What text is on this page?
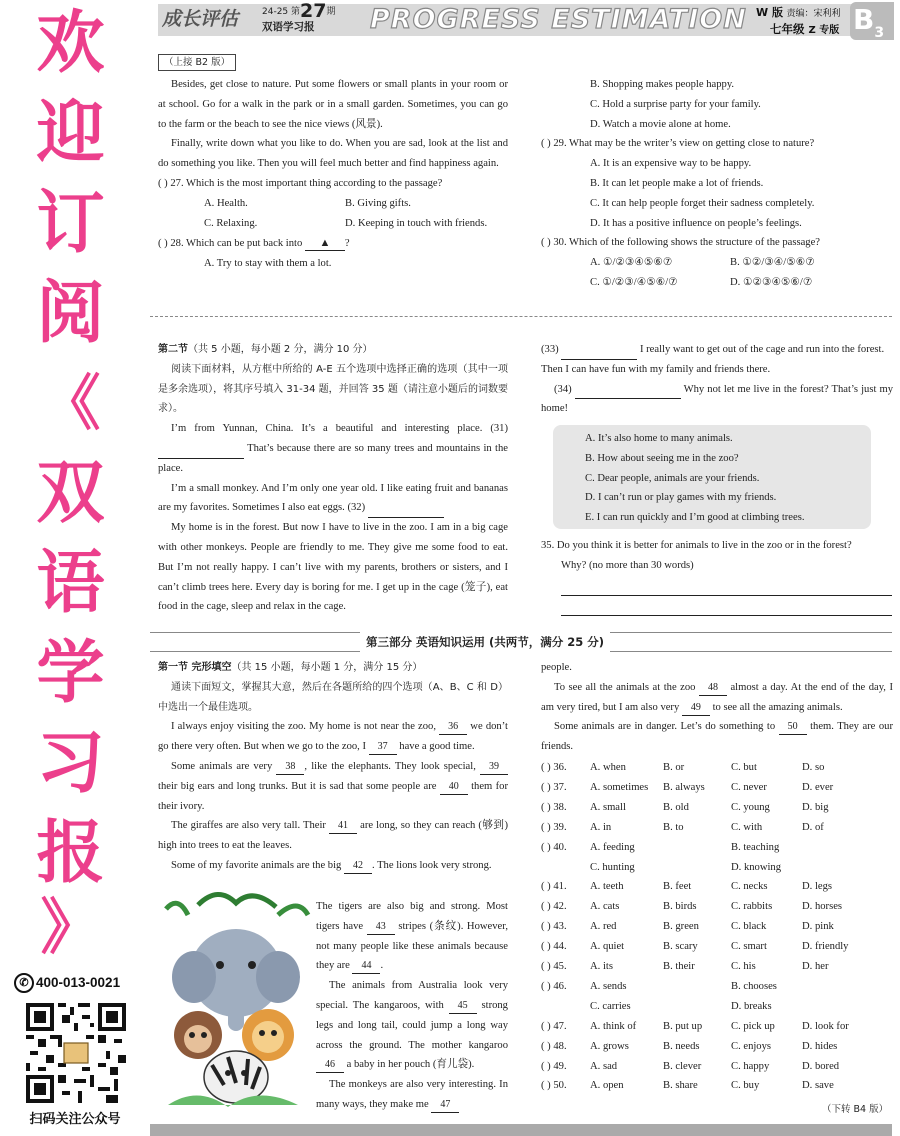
欢
迎
订
阅
《
双
语
学
习
报
》
✆ 400-013-0021
扫码关注公众号
成长评估	24-25 第27期
双语学习报 PROGRESS ESTIMATION W 版 责编：宋利利
七年级 Z 专版 $B_3$
（上接 B2 版）

Besides, get close to nature. Put some flowers or small plants in your room or at school. Go for a walk in the park or in a small garden. Sometimes, you can go to the farm or the beach to see the nice views (风景).

Finally, write down what you like to do. When you are sad, look at the list and do something you like. Then you will feel much better and find happiness again.

( ) 27. Which is the most important thing according to the passage?
A. Health.	B. Giving gifts.
C. Relaxing.	D. Keeping in touch with friends.
( ) 28. Which can be put back into ▲ ?
A. Try to stay with them a lot.
B. Shopping makes people happy.
C. Hold a surprise party for your family.
D. Watch a movie alone at home.
( ) 29. What may be the writer’s view on getting close to nature?
A. It is an expensive way to be happy.
B. It can let people make a lot of friends.
C. It can help people forget their sadness completely.
D. It has a positive influence on people’s feelings.
( ) 30. Which of the following shows the structure of the passage?
A. ①/②③④⑤⑥⑦	B. ①②/③④/⑤⑥⑦
C. ①/②③/④⑤⑥/⑦	D. ①②③④⑤⑥/⑦
第二节（共 5 小题，每小题 2 分，满分 10 分）

阅读下面材料，从方框中所给的 A-E 五个选项中选择正确的选项（其中一项是多余选项），将其序号填入 31-34 题，并回答 35 题（请注意小题后的词数要求）。

I’m from Yunnan, China. It’s a beautiful and interesting place. (31)  That’s because there are so many trees and mountains in the place.

I’m a small monkey. And I’m only one year old. I like eating fruit and bananas are my favorites. Sometimes I also eat eggs. (32)

My home is in the forest. But now I have to live in the zoo. I am in a big cage with other monkeys. People are friendly to me. They give me some food to eat. But I’m not really happy. I can’t live with my parents, brothers or sisters, and I can’t climb trees here. Every day is boring for me. I get up in the cage (笼子), eat food in the cage, sleep and relax in the cage.

(33)	I really want to get out of the cage and run into the forest. Then I can have fun with my family and friends there.

(34)	Why not let me live in the forest? That’s just my home!

A. It’s also home to many animals.
B. How about seeing me in the zoo?
C. Dear people, animals are your friends.
D. I can’t run or play games with my friends.
E. I can run quickly and I’m good at climbing trees.
35. Do you think it is better for animals to live in the zoo or in the forest?
Why? (no more than 30 words)
第三部分 英语知识运用 (共两节，满分 25 分)
第一节 完形填空（共 15 小题，每小题 1 分，满分 15 分）

通读下面短文，掌握其大意，然后在各题所给的四个选项（A、B、C 和 D）中选出一个最佳选项。

I always enjoy visiting the zoo. My home is not near the zoo, 36 we don’t go there very often. But when we go to the zoo, I 37 have a good time.

Some animals are very 38 , like the elephants. They look special, 39 their big ears and long trunks. But it is sad that some people are 40 them for their ivory.

The giraffes are also very tall. Their 41 are long, so they can reach (够到) high into trees to eat the leaves.

Some of my favorite animals are the big 42 . The lions look very strong.

The tigers are also big and strong. Most tigers have 43 stripes (条纹). However, not many people like these animals because they are 44 .

The animals from Australia look very special. The kangaroos, with 45 strong legs and long tail, could jump a long way across the ground. The mother kangaroo 46 a baby in her pouch (育儿袋).

The monkeys are also very interesting. In many ways, they make me 47

people.

To see all the animals at the zoo 48 almost a day. At the end of the day, I am very tired, but I am also very 49 to see all the amazing animals.

Some animals are in danger. Let’s do something to 50 them. They are our friends.

( ) 36. A. when	B. or	C. but	D. so
( ) 37. A. sometimes B. always C. never	D. ever
( ) 38. A. small	B. old	C. young	D. big
( ) 39. A. in	B. to	C. with	D. of
( ) 40. A. feeding	B. teaching
C. hunting	D. knowing
( ) 41. A. teeth	B. feet	C. necks	D. legs
( ) 42. A. cats	B. birds	C. rabbits	D. horses
( ) 43. A. red	B. green	C. black	D. pink
( ) 44. A. quiet	B. scary	C. smart	D. friendly
( ) 45. A. its	B. their	C. his	D. her
( ) 46. A. sends	B. chooses
C. carries	D. breaks
( ) 47. A. think of	B. put up	C. pick up	D. look for
( ) 48. A. grows	B. needs	C. enjoys	D. hides
( ) 49. A. sad	B. clever	C. happy	D. bored
( ) 50. A. open	B. share	C. buy	D. save
（下转 B4 版）
